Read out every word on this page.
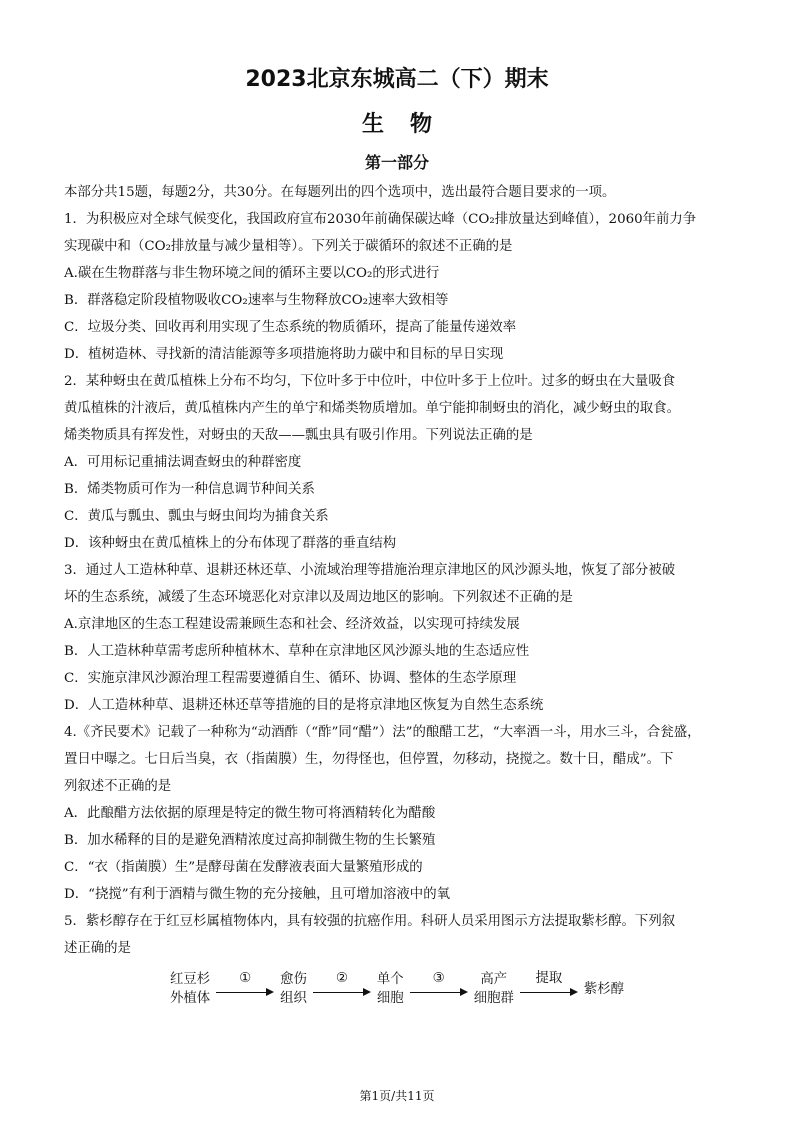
2023北京东城高二（下）期末
生物
第一部分

本部分共15题，每题2分，共30分。在每题列出的四个选项中，选出最符合题目要求的一项。

1．为积极应对全球气候变化，我国政府宣布2030年前确保碳达峰（CO₂排放量达到峰值），2060年前力争

实现碳中和（CO₂排放量与减少量相等）。下列关于碳循环的叙述不正确的是

A.碳在生物群落与非生物环境之间的循环主要以CO₂的形式进行

B．群落稳定阶段植物吸收CO₂速率与生物释放CO₂速率大致相等

C．垃圾分类、回收再利用实现了生态系统的物质循环，提高了能量传递效率

D．植树造林、寻找新的清洁能源等多项措施将助力碳中和目标的早日实现

2．某种蚜虫在黄瓜植株上分布不均匀，下位叶多于中位叶，中位叶多于上位叶。过多的蚜虫在大量吸食

黄瓜植株的汁液后，黄瓜植株内产生的单宁和烯类物质增加。单宁能抑制蚜虫的消化，减少蚜虫的取食。

烯类物质具有挥发性，对蚜虫的天敌——瓢虫具有吸引作用。下列说法正确的是

A．可用标记重捕法调查蚜虫的种群密度

B．烯类物质可作为一种信息调节种间关系

C．黄瓜与瓢虫、瓢虫与蚜虫间均为捕食关系

D．该种蚜虫在黄瓜植株上的分布体现了群落的垂直结构

3．通过人工造林种草、退耕还林还草、小流域治理等措施治理京津地区的风沙源头地，恢复了部分被破

坏的生态系统，减缓了生态环境恶化对京津以及周边地区的影响。下列叙述不正确的是

A.京津地区的生态工程建设需兼顾生态和社会、经济效益，以实现可持续发展

B．人工造林种草需考虑所种植林木、草种在京津地区风沙源头地的生态适应性

C．实施京津风沙源治理工程需要遵循自生、循环、协调、整体的生态学原理

D．人工造林种草、退耕还林还草等措施的目的是将京津地区恢复为自然生态系统

4.《齐民要术》记载了一种称为“动酒酢（“酢”同“醋”）法”的酿醋工艺，“大率酒一斗，用水三斗，合瓮盛，

置日中曝之。七日后当臭，衣（指菌膜）生，勿得怪也，但停置，勿移动，挠搅之。数十日，醋成”。下

列叙述不正确的是

A．此酿醋方法依据的原理是特定的微生物可将酒精转化为醋酸

B．加水稀释的目的是避免酒精浓度过高抑制微生物的生长繁殖

C．“衣（指菌膜）生”是酵母菌在发酵液表面大量繁殖形成的

D．“挠搅”有利于酒精与微生物的充分接触，且可增加溶液中的氧

5．紫杉醇存在于红豆杉属植物体内，具有较强的抗癌作用。科研人员采用图示方法提取紫杉醇。下列叙

述正确的是

红豆杉
外植体
①	愈伤
组织
②	单个
细胞
③	高产
细胞群
提取
紫杉醇
第1页/共11页
